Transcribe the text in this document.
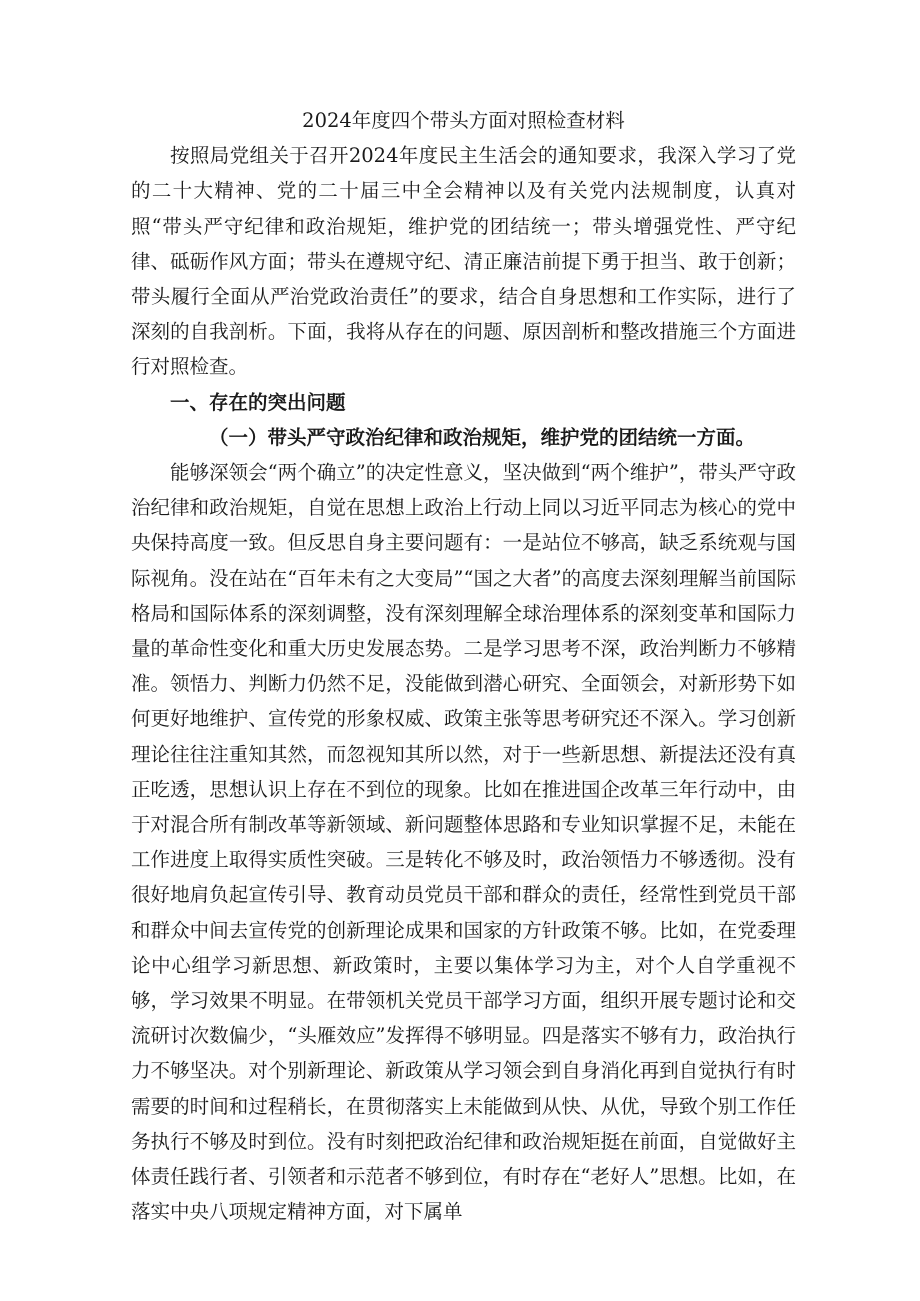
2024年度四个带头方面对照检查材料

按照局党组关于召开2024年度民主生活会的通知要求，我深入学习了党的二十大精神、党的二十届三中全会精神以及有关党内法规制度，认真对照“带头严守纪律和政治规矩，维护党的团结统一；带头增强党性、严守纪律、砥砺作风方面；带头在遵规守纪、清正廉洁前提下勇于担当、敢于创新；带头履行全面从严治党政治责任”的要求，结合自身思想和工作实际，进行了深刻的自我剖析。下面，我将从存在的问题、原因剖析和整改措施三个方面进行对照检查。

一、存在的突出问题

（一）带头严守政治纪律和政治规矩，维护党的团结统一方面。

能够深领会“两个确立”的决定性意义，坚决做到“两个维护”，带头严守政治纪律和政治规矩，自觉在思想上政治上行动上同以习近平同志为核心的党中央保持高度一致。但反思自身主要问题有：一是站位不够高，缺乏系统观与国际视角。没在站在“百年未有之大变局”“国之大者”的高度去深刻理解当前国际格局和国际体系的深刻调整，没有深刻理解全球治理体系的深刻变革和国际力量的革命性变化和重大历史发展态势。二是学习思考不深，政治判断力不够精准。领悟力、判断力仍然不足，没能做到潜心研究、全面领会，对新形势下如何更好地维护、宣传党的形象权威、政策主张等思考研究还不深入。学习创新理论往往注重知其然，而忽视知其所以然，对于一些新思想、新提法还没有真正吃透，思想认识上存在不到位的现象。比如在推进国企改革三年行动中，由于对混合所有制改革等新领域、新问题整体思路和专业知识掌握不足，未能在工作进度上取得实质性突破。三是转化不够及时，政治领悟力不够透彻。没有很好地肩负起宣传引导、教育动员党员干部和群众的责任，经常性到党员干部和群众中间去宣传党的创新理论成果和国家的方针政策不够。比如，在党委理论中心组学习新思想、新政策时，主要以集体学习为主，对个人自学重视不够，学习效果不明显。在带领机关党员干部学习方面，组织开展专题讨论和交流研讨次数偏少，“头雁效应”发挥得不够明显。四是落实不够有力，政治执行力不够坚决。对个别新理论、新政策从学习领会到自身消化再到自觉执行有时需要的时间和过程稍长，在贯彻落实上未能做到从快、从优，导致个别工作任务执行不够及时到位。没有时刻把政治纪律和政治规矩挺在前面，自觉做好主体责任践行者、引领者和示范者不够到位，有时存在“老好人”思想。比如，在落实中央八项规定精神方面，对下属单
